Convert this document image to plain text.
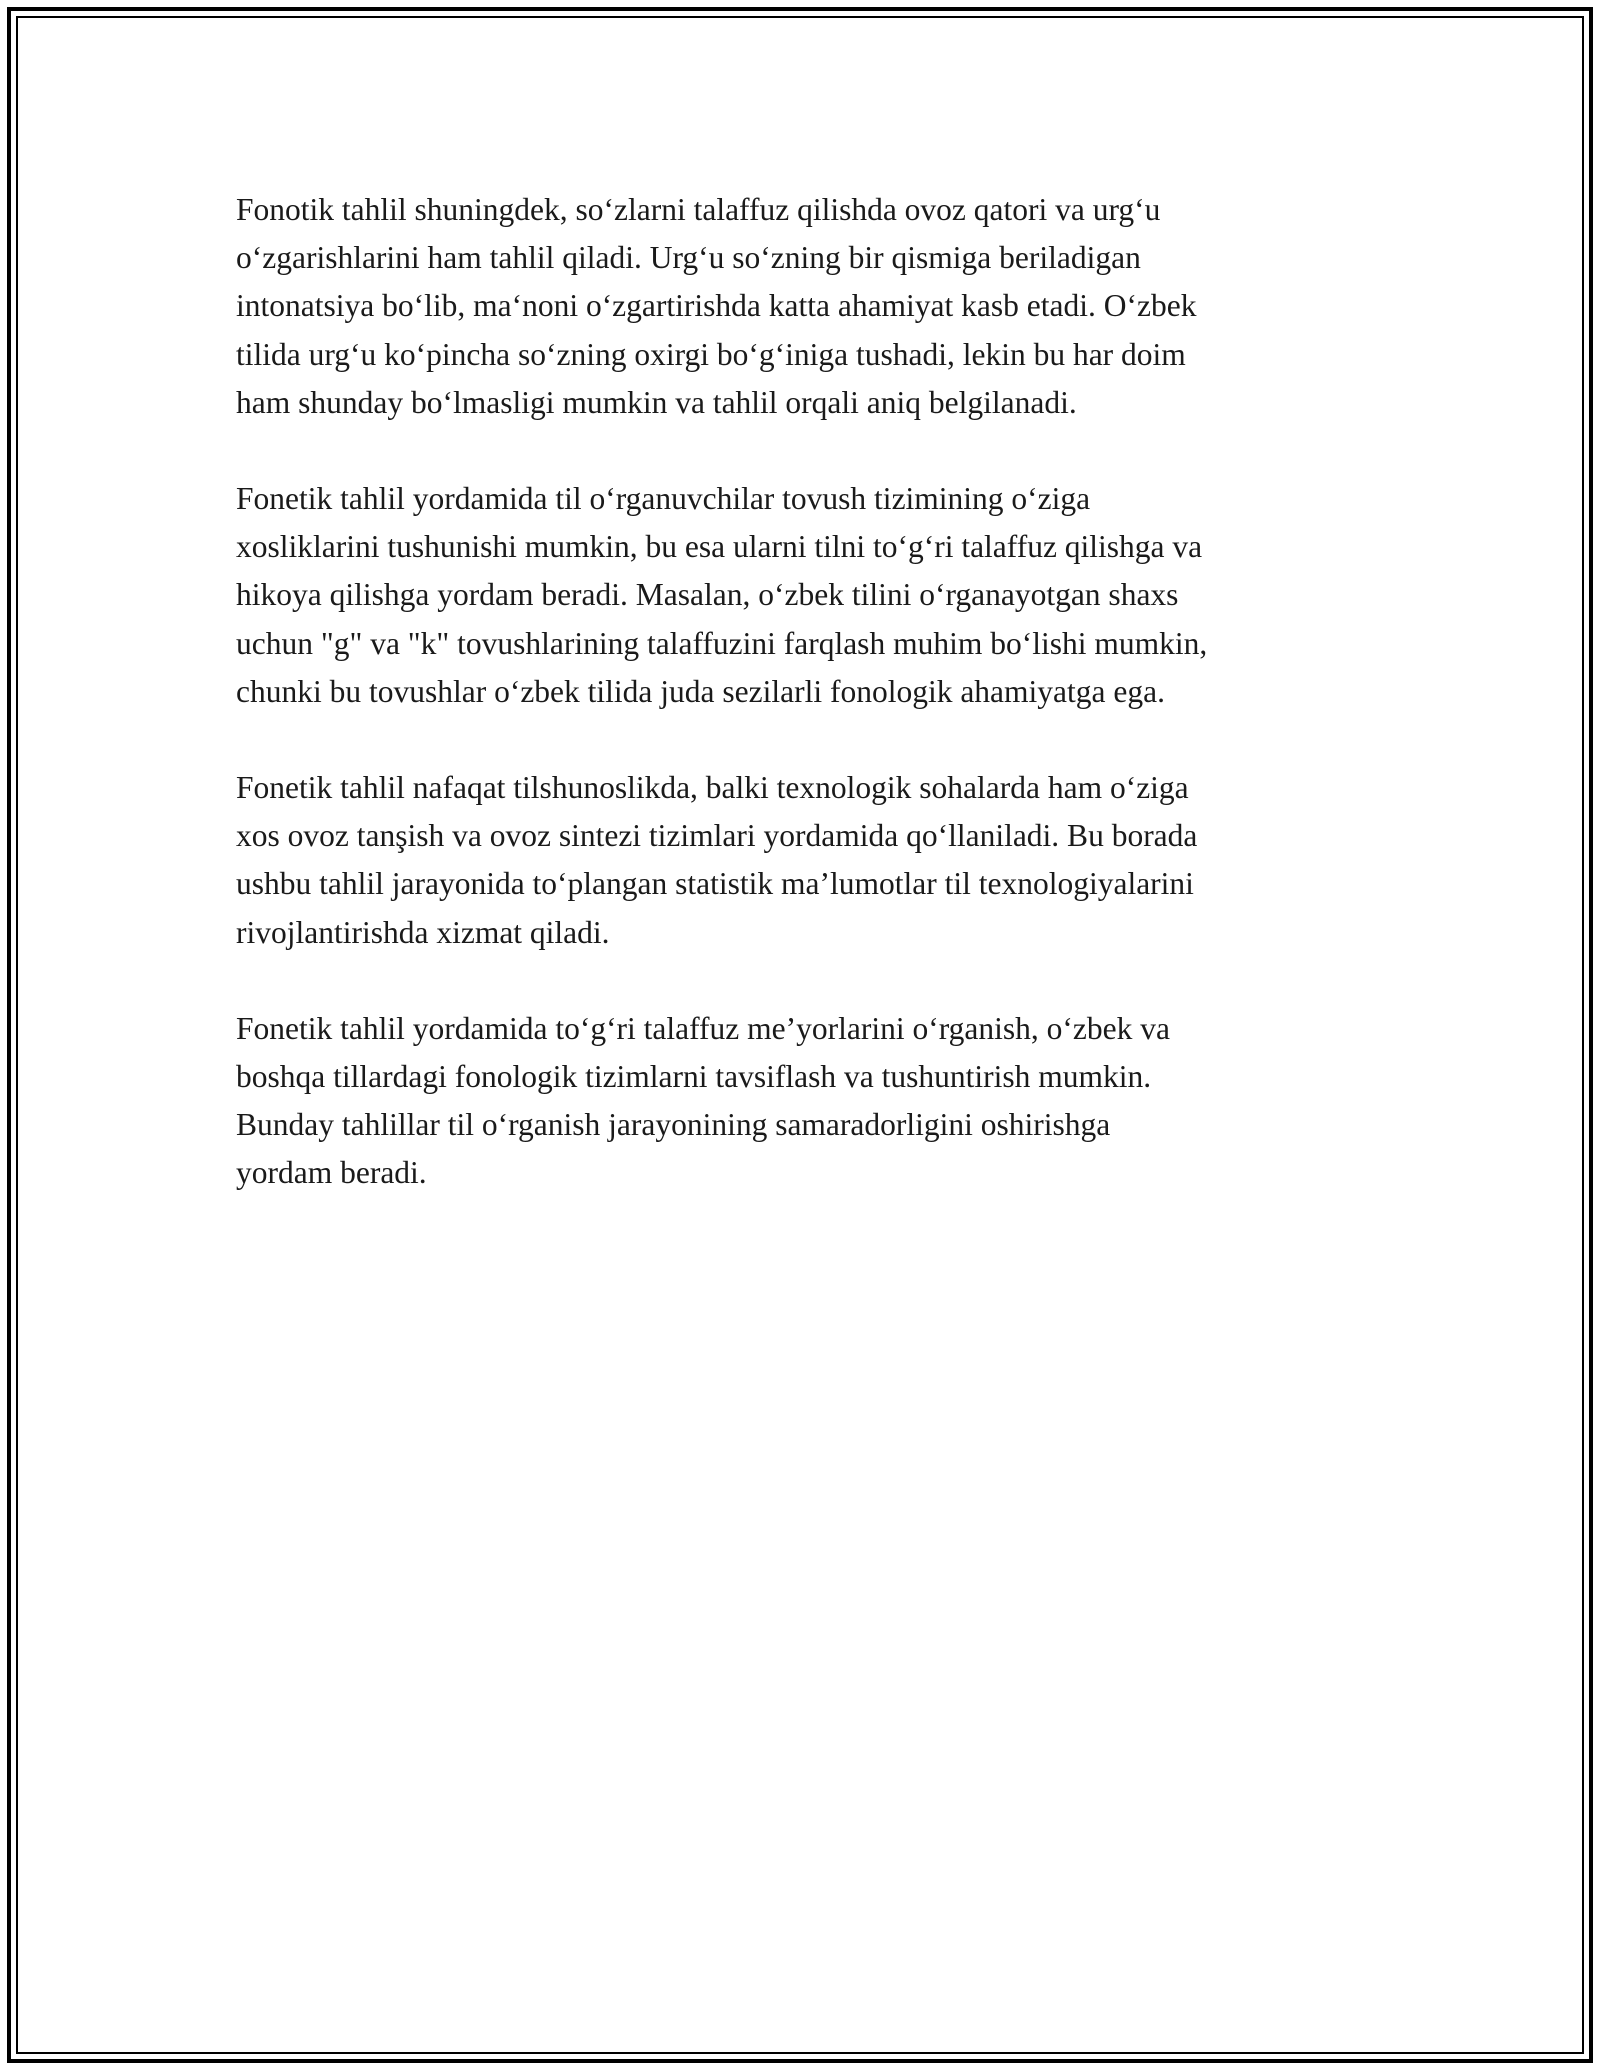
Fonotik tahlil shuningdek, so‘zlarni talaffuz qilishda ovoz qatori va urg‘u
o‘zgarishlarini ham tahlil qiladi. Urg‘u so‘zning bir qismiga beriladigan
intonatsiya bo‘lib, ma‘noni o‘zgartirishda katta ahamiyat kasb etadi. O‘zbek
tilida urg‘u ko‘pincha so‘zning oxirgi bo‘g‘iniga tushadi, lekin bu har doim
ham shunday bo‘lmasligi mumkin va tahlil orqali aniq belgilanadi.

Fonetik tahlil yordamida til o‘rganuvchilar tovush tizimining o‘ziga
xosliklarini tushunishi mumkin, bu esa ularni tilni to‘g‘ri talaffuz qilishga va
hikoya qilishga yordam beradi. Masalan, o‘zbek tilini o‘rganayotgan shaxs
uchun "g" va "k" tovushlarining talaffuzini farqlash muhim bo‘lishi mumkin,
chunki bu tovushlar o‘zbek tilida juda sezilarli fonologik ahamiyatga ega.

Fonetik tahlil nafaqat tilshunoslikda, balki texnologik sohalarda ham o‘ziga
xos ovoz tanşish va ovoz sintezi tizimlari yordamida qo‘llaniladi. Bu borada
ushbu tahlil jarayonida to‘plangan statistik ma’lumotlar til texnologiyalarini
rivojlantirishda xizmat qiladi.

Fonetik tahlil yordamida to‘g‘ri talaffuz me’yorlarini o‘rganish, o‘zbek va
boshqa tillardagi fonologik tizimlarni tavsiflash va tushuntirish mumkin.
Bunday tahlillar til o‘rganish jarayonining samaradorligini oshirishga
yordam beradi.
